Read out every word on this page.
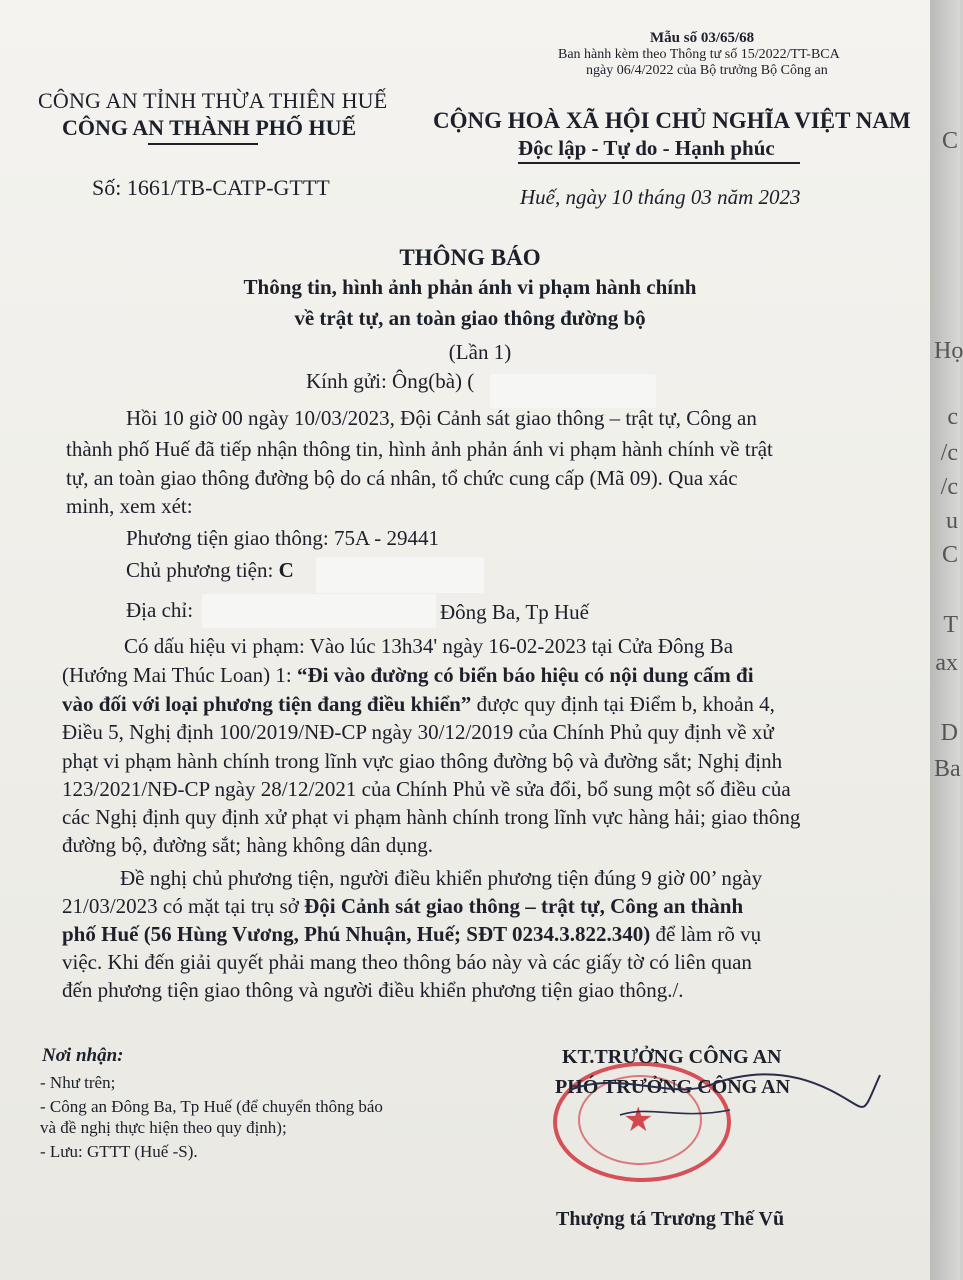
Mẫu số 03/65/68
Ban hành kèm theo Thông tư số 15/2022/TT-BCA
ngày 06/4/2022 của Bộ trưởng Bộ Công an
CÔNG AN TỈNH THỪA THIÊN HUẾ
CÔNG AN THÀNH PHỐ HUẾ
Số: 1661/TB-CATP-GTTT
CỘNG HOÀ XÃ HỘI CHỦ NGHĨA VIỆT NAM
Độc lập - Tự do - Hạnh phúc
Huế, ngày 10 tháng 03 năm 2023
THÔNG BÁO
Thông tin, hình ảnh phản ánh vi phạm hành chính
về trật tự, an toàn giao thông đường bộ
(Lần 1)
Kính gửi: Ông(bà) (
Hồi 10 giờ 00 ngày 10/03/2023, Đội Cảnh sát giao thông – trật tự, Công an
thành phố Huế đã tiếp nhận thông tin, hình ảnh phản ánh vi phạm hành chính về trật
tự, an toàn giao thông đường bộ do cá nhân, tổ chức cung cấp (Mã 09). Qua xác
minh, xem xét:
Phương tiện giao thông: 75A - 29441
Chủ phương tiện: C
Địa chỉ:	Đông Ba, Tp Huế
Có dấu hiệu vi phạm: Vào lúc 13h34' ngày 16-02-2023 tại Cửa Đông Ba
(Hướng Mai Thúc Loan) 1: “Đi vào đường có biển báo hiệu có nội dung cấm đi
vào đối với loại phương tiện đang điều khiển” được quy định tại Điểm b, khoản 4,
Điều 5, Nghị định 100/2019/NĐ-CP ngày 30/12/2019 của Chính Phủ quy định về xử
phạt vi phạm hành chính trong lĩnh vực giao thông đường bộ và đường sắt; Nghị định
123/2021/NĐ-CP ngày 28/12/2021 của Chính Phủ về sửa đổi, bổ sung một số điều của
các Nghị định quy định xử phạt vi phạm hành chính trong lĩnh vực hàng hải; giao thông
đường bộ, đường sắt; hàng không dân dụng.
Đề nghị chủ phương tiện, người điều khiển phương tiện đúng 9 giờ 00’ ngày
21/03/2023 có mặt tại trụ sở Đội Cảnh sát giao thông – trật tự, Công an thành
phố Huế (56 Hùng Vương, Phú Nhuận, Huế; SĐT 0234.3.822.340) để làm rõ vụ
việc. Khi đến giải quyết phải mang theo thông báo này và các giấy tờ có liên quan
đến phương tiện giao thông và người điều khiển phương tiện giao thông./.
Nơi nhận:
- Như trên;
- Công an Đông Ba, Tp Huế (để chuyển thông báo
và đề nghị thực hiện theo quy định);
- Lưu: GTTT (Huế -S).
★
KT.TRƯỞNG CÔNG AN
PHÓ TRƯỞNG CÔNG AN
Thượng tá Trương Thế Vũ
C
Họ
c
/c
/c
u
C
T
ax
D
Ba
